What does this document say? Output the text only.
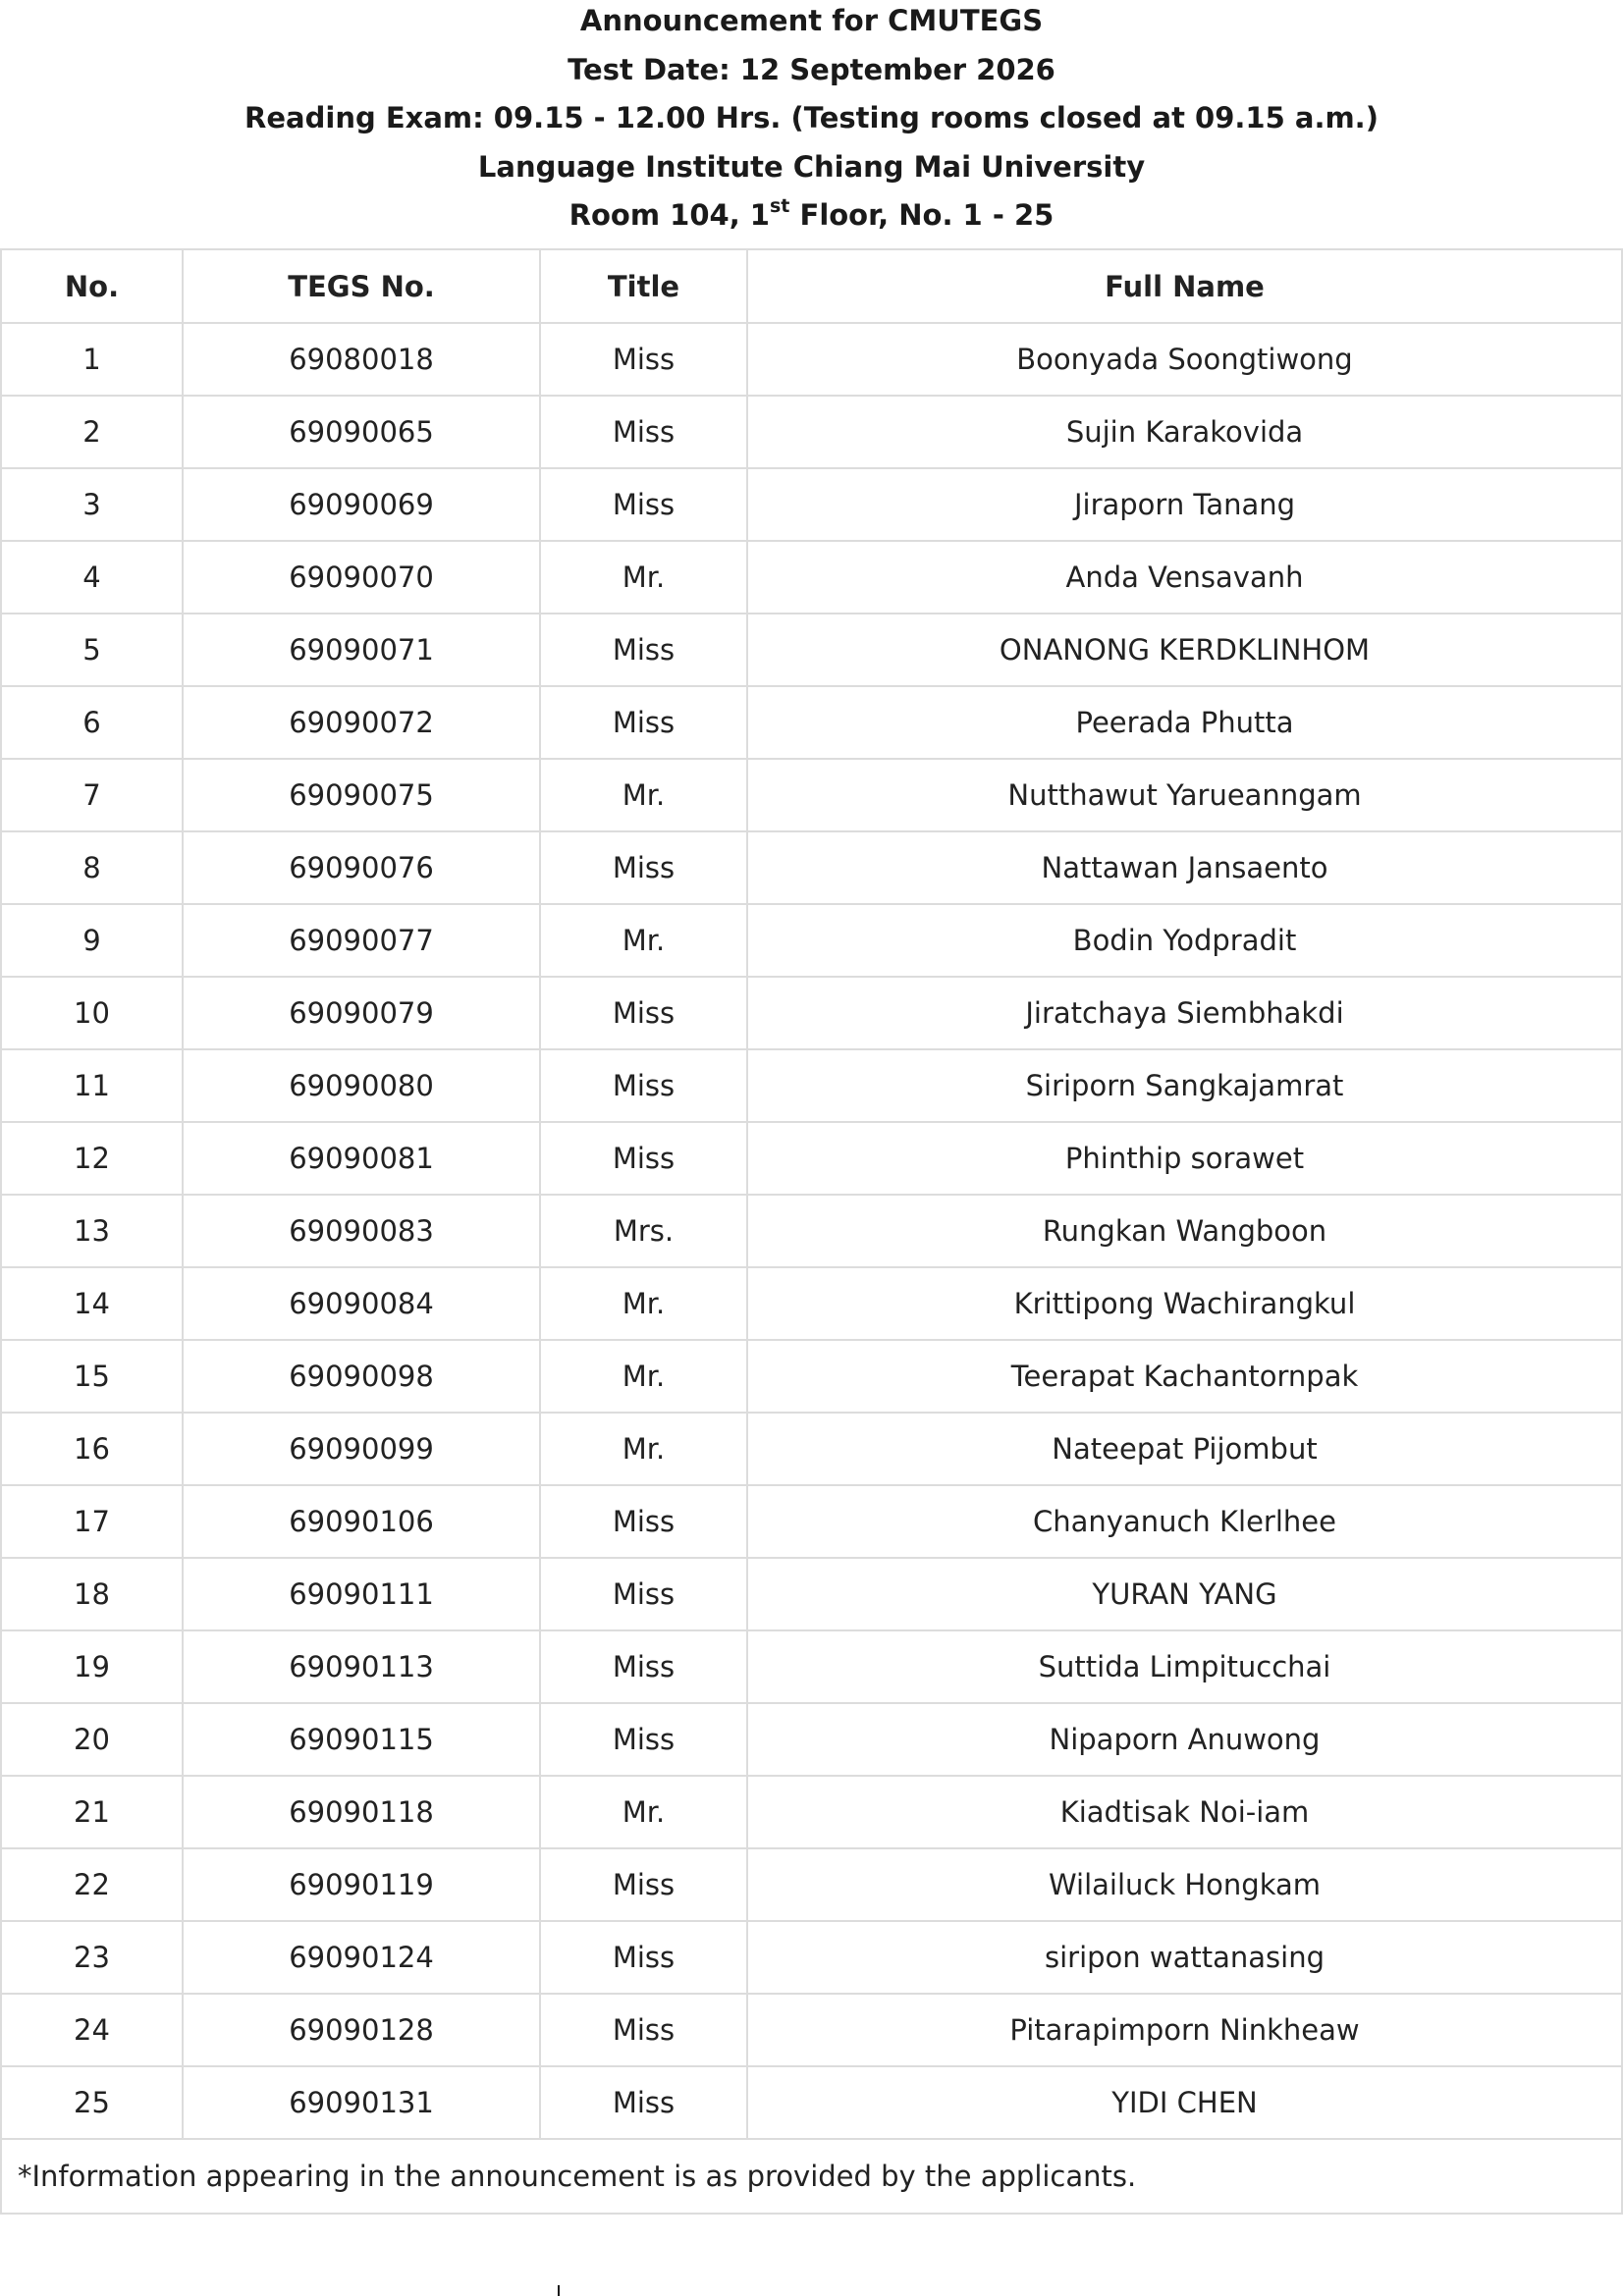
Announcement for CMUTEGS
Test Date: 12 September 2026
Reading Exam: 09.15 - 12.00 Hrs. (Testing rooms closed at 09.15 a.m.)
Language Institute Chiang Mai University
Room 104, 1st Floor, No. 1 - 25
No.	TEGS No.	Title	Full Name
1	69080018	Miss	Boonyada Soongtiwong
2	69090065	Miss	Sujin Karakovida
3	69090069	Miss	Jiraporn Tanang
4	69090070	Mr.	Anda Vensavanh
5	69090071	Miss	ONANONG KERDKLINHOM
6	69090072	Miss	Peerada Phutta
7	69090075	Mr.	Nutthawut Yarueanngam
8	69090076	Miss	Nattawan Jansaento
9	69090077	Mr.	Bodin Yodpradit
10	69090079	Miss	Jiratchaya Siembhakdi
11	69090080	Miss	Siriporn Sangkajamrat
12	69090081	Miss	Phinthip sorawet
13	69090083	Mrs.	Rungkan Wangboon
14	69090084	Mr.	Krittipong Wachirangkul
15	69090098	Mr.	Teerapat Kachantornpak
16	69090099	Mr.	Nateepat Pijombut
17	69090106	Miss	Chanyanuch Klerlhee
18	69090111	Miss	YURAN YANG
19	69090113	Miss	Suttida Limpitucchai
20	69090115	Miss	Nipaporn Anuwong
21	69090118	Mr.	Kiadtisak Noi-iam
22	69090119	Miss	Wilailuck Hongkam
23	69090124	Miss	siripon wattanasing
24	69090128	Miss	Pitarapimporn Ninkheaw
25	69090131	Miss	YIDI CHEN
*Information appearing in the announcement is as provided by the applicants.			
